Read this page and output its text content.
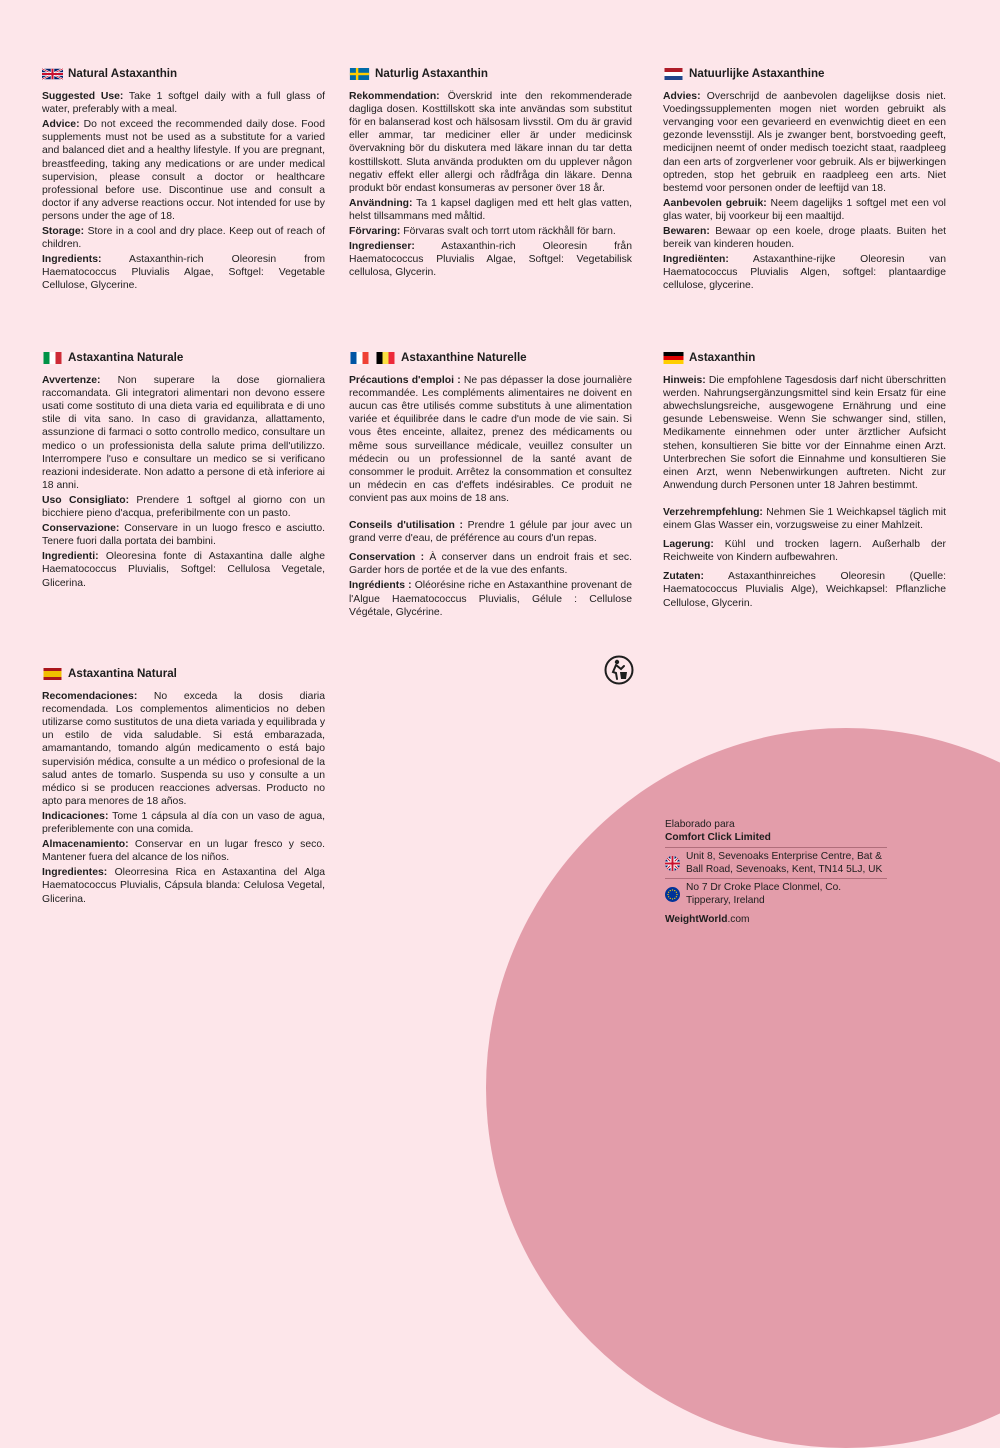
Natural Astaxanthin

Suggested Use: Take 1 softgel daily with a full glass of water, preferably with a meal.

Advice: Do not exceed the recommended daily dose. Food supplements must not be used as a substitute for a varied and balanced diet and a healthy lifestyle. If you are pregnant, breastfeeding, taking any medications or are under medical supervision, please consult a doctor or healthcare professional before use. Discontinue use and consult a doctor if any adverse reactions occur. Not intended for use by persons under the age of 18.

Storage: Store in a cool and dry place. Keep out of reach of children.

Ingredients: Astaxanthin-rich Oleoresin from Haematococcus Pluvialis Algae, Softgel: Vegetable Cellulose, Glycerine.

Naturlig Astaxanthin

Rekommendation: Överskrid inte den rekommenderade dagliga dosen. Kosttillskott ska inte användas som substitut för en balanserad kost och hälsosam livsstil. Om du är gravid eller ammar, tar mediciner eller är under medicinsk övervakning bör du diskutera med läkare innan du tar detta kosttillskott. Sluta använda produkten om du upplever någon negativ effekt eller allergi och rådfråga din läkare. Denna produkt bör endast konsumeras av personer över 18 år.

Användning: Ta 1 kapsel dagligen med ett helt glas vatten, helst tillsammans med måltid.

Förvaring: Förvaras svalt och torrt utom räckhåll för barn.

Ingredienser: Astaxanthin-rich Oleoresin från Haematococcus Pluvialis Algae, Softgel: Vegetabilisk cellulosa, Glycerin.

Natuurlijke Astaxanthine

Advies: Overschrijd de aanbevolen dagelijkse dosis niet. Voedingssupplementen mogen niet worden gebruikt als vervanging voor een gevarieerd en evenwichtig dieet en een gezonde levensstijl. Als je zwanger bent, borstvoeding geeft, medicijnen neemt of onder medisch toezicht staat, raadpleeg dan een arts of zorgverlener voor gebruik. Als er bijwerkingen optreden, stop het gebruik en raadpleeg een arts. Niet bestemd voor personen onder de leeftijd van 18.

Aanbevolen gebruik: Neem dagelijks 1 softgel met een vol glas water, bij voorkeur bij een maaltijd.

Bewaren: Bewaar op een koele, droge plaats. Buiten het bereik van kinderen houden.

Ingrediënten: Astaxanthine-rijke Oleoresin van Haematococcus Pluvialis Algen, softgel: plantaardige cellulose, glycerine.

Astaxantina Naturale

Avvertenze: Non superare la dose giornaliera raccomandata. Gli integratori alimentari non devono essere usati come sostituto di una dieta varia ed equilibrata e di uno stile di vita sano. In caso di gravidanza, allattamento, assunzione di farmaci o sotto controllo medico, consultare un medico o un professionista della salute prima dell'utilizzo. Interrompere l'uso e consultare un medico se si verificano reazioni indesiderate. Non adatto a persone di età inferiore ai 18 anni.

Uso Consigliato: Prendere 1 softgel al giorno con un bicchiere pieno d'acqua, preferibilmente con un pasto.

Conservazione: Conservare in un luogo fresco e asciutto. Tenere fuori dalla portata dei bambini.

Ingredienti: Oleoresina fonte di Astaxantina dalle alghe Haematococcus Pluvialis, Softgel: Cellulosa Vegetale, Glicerina.

Astaxanthine Naturelle

Précautions d'emploi : Ne pas dépasser la dose journalière recommandée. Les compléments alimentaires ne doivent en aucun cas être utilisés comme substituts à une alimentation variée et équilibrée dans le cadre d'un mode de vie sain. Si vous êtes enceinte, allaitez, prenez des médicaments ou même sous surveillance médicale, veuillez consulter un médecin ou un professionnel de la santé avant de consommer le produit. Arrêtez la consommation et consultez un médecin en cas d'effets indésirables. Ce produit ne convient pas aux moins de 18 ans.

Conseils d'utilisation : Prendre 1 gélule par jour avec un grand verre d'eau, de préférence au cours d'un repas.

Conservation : À conserver dans un endroit frais et sec. Garder hors de portée et de la vue des enfants.

Ingrédients : Oléorésine riche en Astaxanthine provenant de l'Algue Haematococcus Pluvialis, Gélule : Cellulose Végétale, Glycérine.

Astaxanthin

Hinweis: Die empfohlene Tagesdosis darf nicht überschritten werden. Nahrungsergänzungsmittel sind kein Ersatz für eine abwechslungsreiche, ausgewogene Ernährung und eine gesunde Lebensweise. Wenn Sie schwanger sind, stillen, Medikamente einnehmen oder unter ärztlicher Aufsicht stehen, konsultieren Sie bitte vor der Einnahme einen Arzt. Unterbrechen Sie sofort die Einnahme und konsultieren Sie einen Arzt, wenn Nebenwirkungen auftreten. Nicht zur Anwendung durch Personen unter 18 Jahren bestimmt.

Verzehrempfehlung: Nehmen Sie 1 Weichkapsel täglich mit einem Glas Wasser ein, vorzugsweise zu einer Mahlzeit.

Lagerung: Kühl und trocken lagern. Außerhalb der Reichweite von Kindern aufbewahren.

Zutaten: Astaxanthinreiches Oleoresin (Quelle: Haematococcus Pluvialis Alge), Weichkapsel: Pflanzliche Cellulose, Glycerin.

Astaxantina Natural

Recomendaciones: No exceda la dosis diaria recomendada. Los complementos alimenticios no deben utilizarse como sustitutos de una dieta variada y equilibrada y un estilo de vida saludable. Si está embarazada, amamantando, tomando algún medicamento o está bajo supervisión médica, consulte a un médico o profesional de la salud antes de tomarlo. Suspenda su uso y consulte a un médico si se producen reacciones adversas. Producto no apto para menores de 18 años.

Indicaciones: Tome 1 cápsula al día con un vaso de agua, preferiblemente con una comida.

Almacenamiento: Conservar en un lugar fresco y seco. Mantener fuera del alcance de los niños.

Ingredientes: Oleorresina Rica en Astaxantina del Alga Haematococcus Pluvialis, Cápsula blanda: Celulosa Vegetal, Glicerina.

Elaborado para
Comfort Click Limited
Unit 8, Sevenoaks Enterprise Centre, Bat & Ball Road, Sevenoaks, Kent, TN14 5LJ, UK
No 7 Dr Croke Place Clonmel, Co. Tipperary, Ireland
WeightWorld.com
